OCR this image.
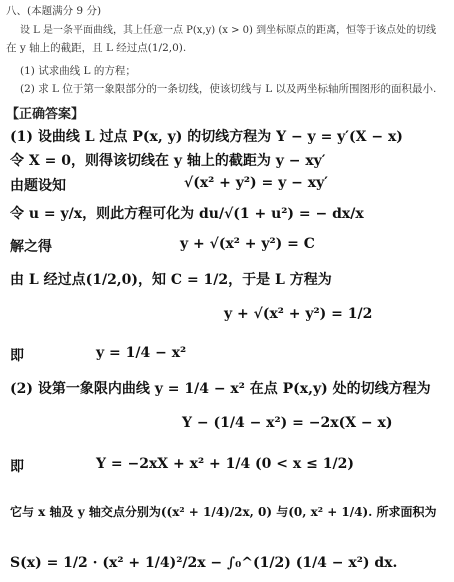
八、(本题满分 9 分)
设 L 是一条平面曲线，其上任意一点 P(x,y) (x > 0) 到坐标原点的距离，恒等于该点处的切线
在 y 轴上的截距，且 L 经过点(1/2,0).
(1) 试求曲线 L 的方程；
(2) 求 L 位于第一象限部分的一条切线，使该切线与 L 以及两坐标轴所围图形的面积最小.
【正确答案】
(1) 设曲线 L 过点 P(x, y) 的切线方程为 Y − y = y′(X − x)
令 X = 0，则得该切线在 y 轴上的截距为 y − xy′
由题设知	√(x² + y²) = y − xy′
令 u = y/x，则此方程可化为 du/√(1 + u²) = − dx/x
解之得	y + √(x² + y²) = C
由 L 经过点(1/2,0)，知 C = 1/2，于是 L 方程为
y + √(x² + y²) = 1/2
即	y = 1/4 − x²
(2) 设第一象限内曲线 y = 1/4 − x² 在点 P(x,y) 处的切线方程为
Y − (1/4 − x²) = −2x(X − x)
即	Y = −2xX + x² + 1/4 (0 < x ≤ 1/2)
它与 x 轴及 y 轴交点分别为((x² + 1/4)/2x, 0) 与(0, x² + 1/4). 所求面积为
S(x) = 1/2 · (x² + 1/4)²/2x − ∫₀^(1/2) (1/4 − x²) dx.
